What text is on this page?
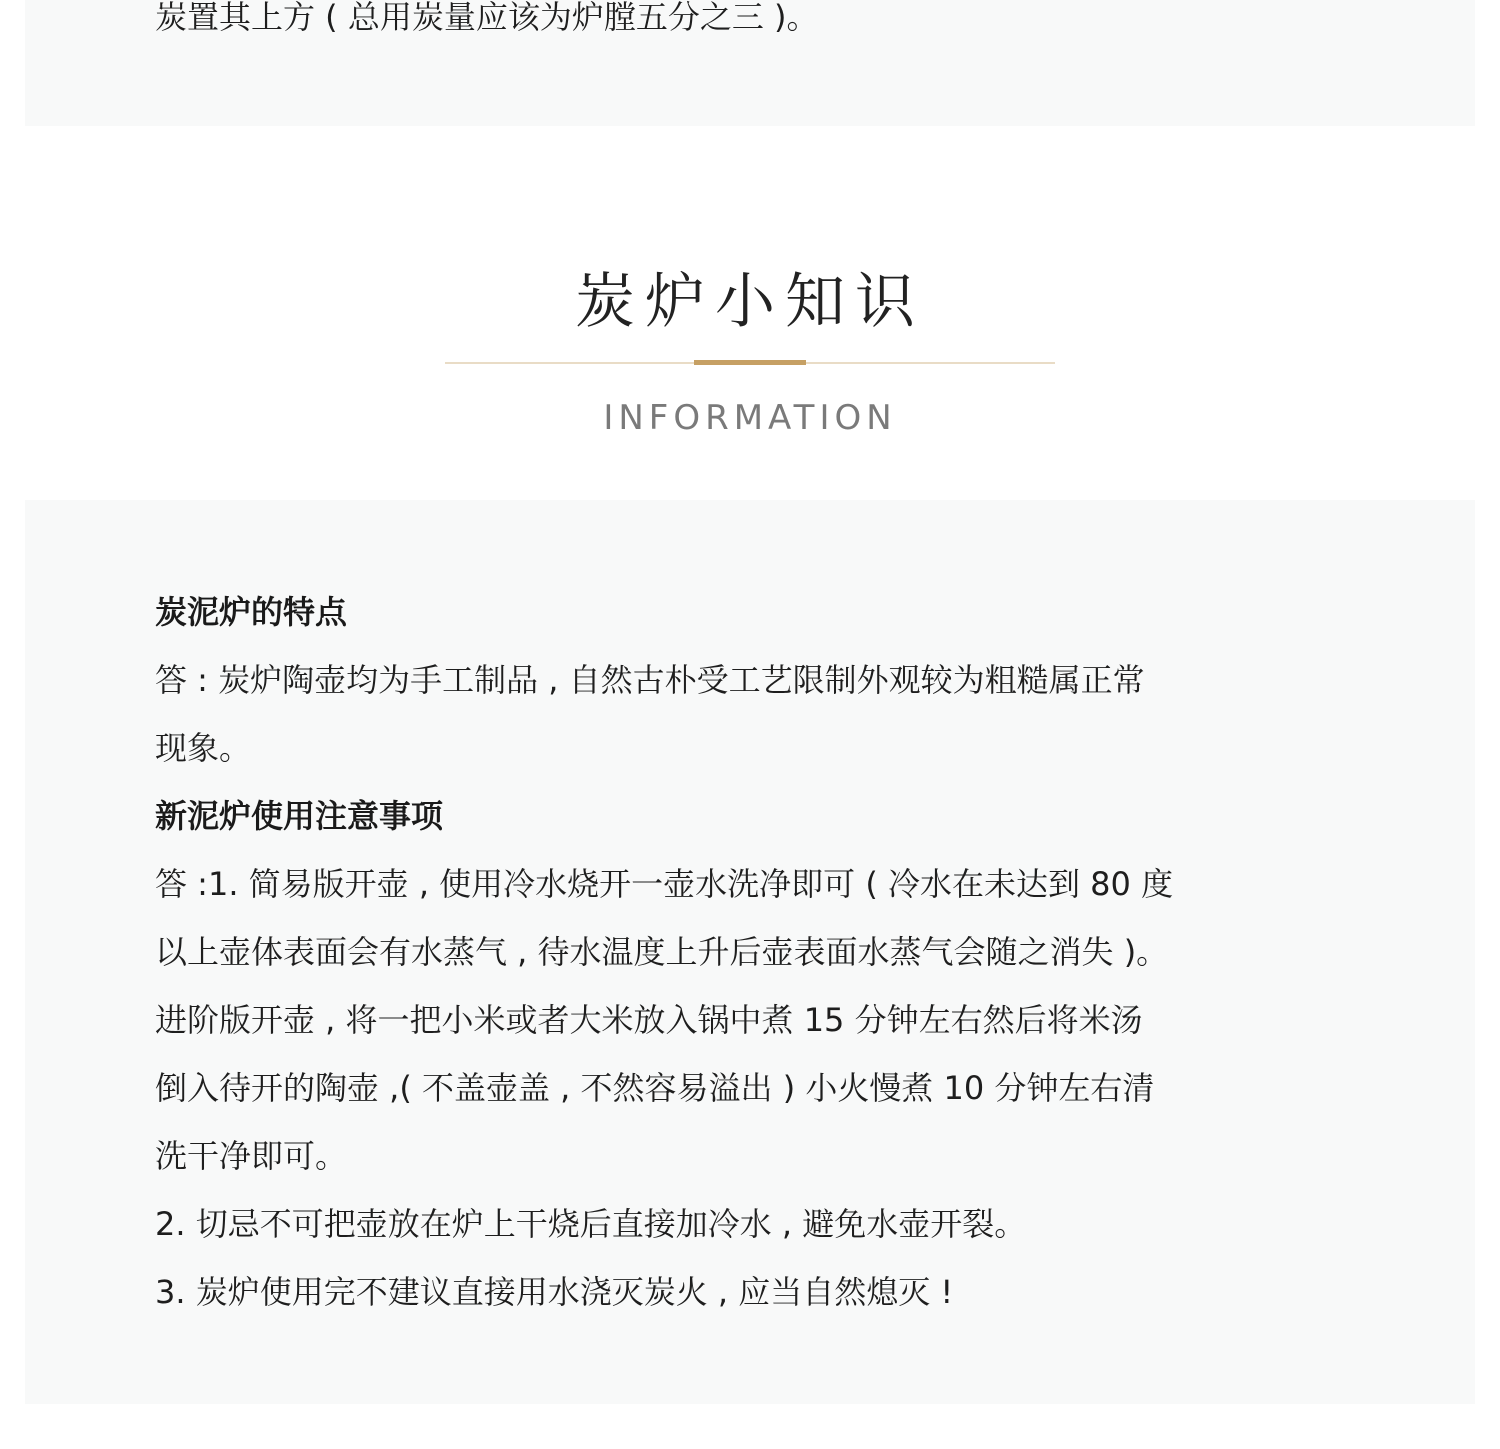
炭置其上方 ( 总用炭量应该为炉膛五分之三 )。
炭炉小知识
INFORMATION
炭泥炉的特点
答 : 炭炉陶壶均为手工制品 , 自然古朴受工艺限制外观较为粗糙属正常
现象。
新泥炉使用注意事项
答 :1. 简易版开壶 , 使用冷水烧开一壶水洗净即可 ( 冷水在未达到 80 度
以上壶体表面会有水蒸气 , 待水温度上升后壶表面水蒸气会随之消失 )。
进阶版开壶 , 将一把小米或者大米放入锅中煮 15 分钟左右然后将米汤
倒入待开的陶壶 ,( 不盖壶盖 , 不然容易溢出 ) 小火慢煮 10 分钟左右清
洗干净即可。
2. 切忌不可把壶放在炉上干烧后直接加冷水 , 避免水壶开裂。
3. 炭炉使用完不建议直接用水浇灭炭火 , 应当自然熄灭 !
